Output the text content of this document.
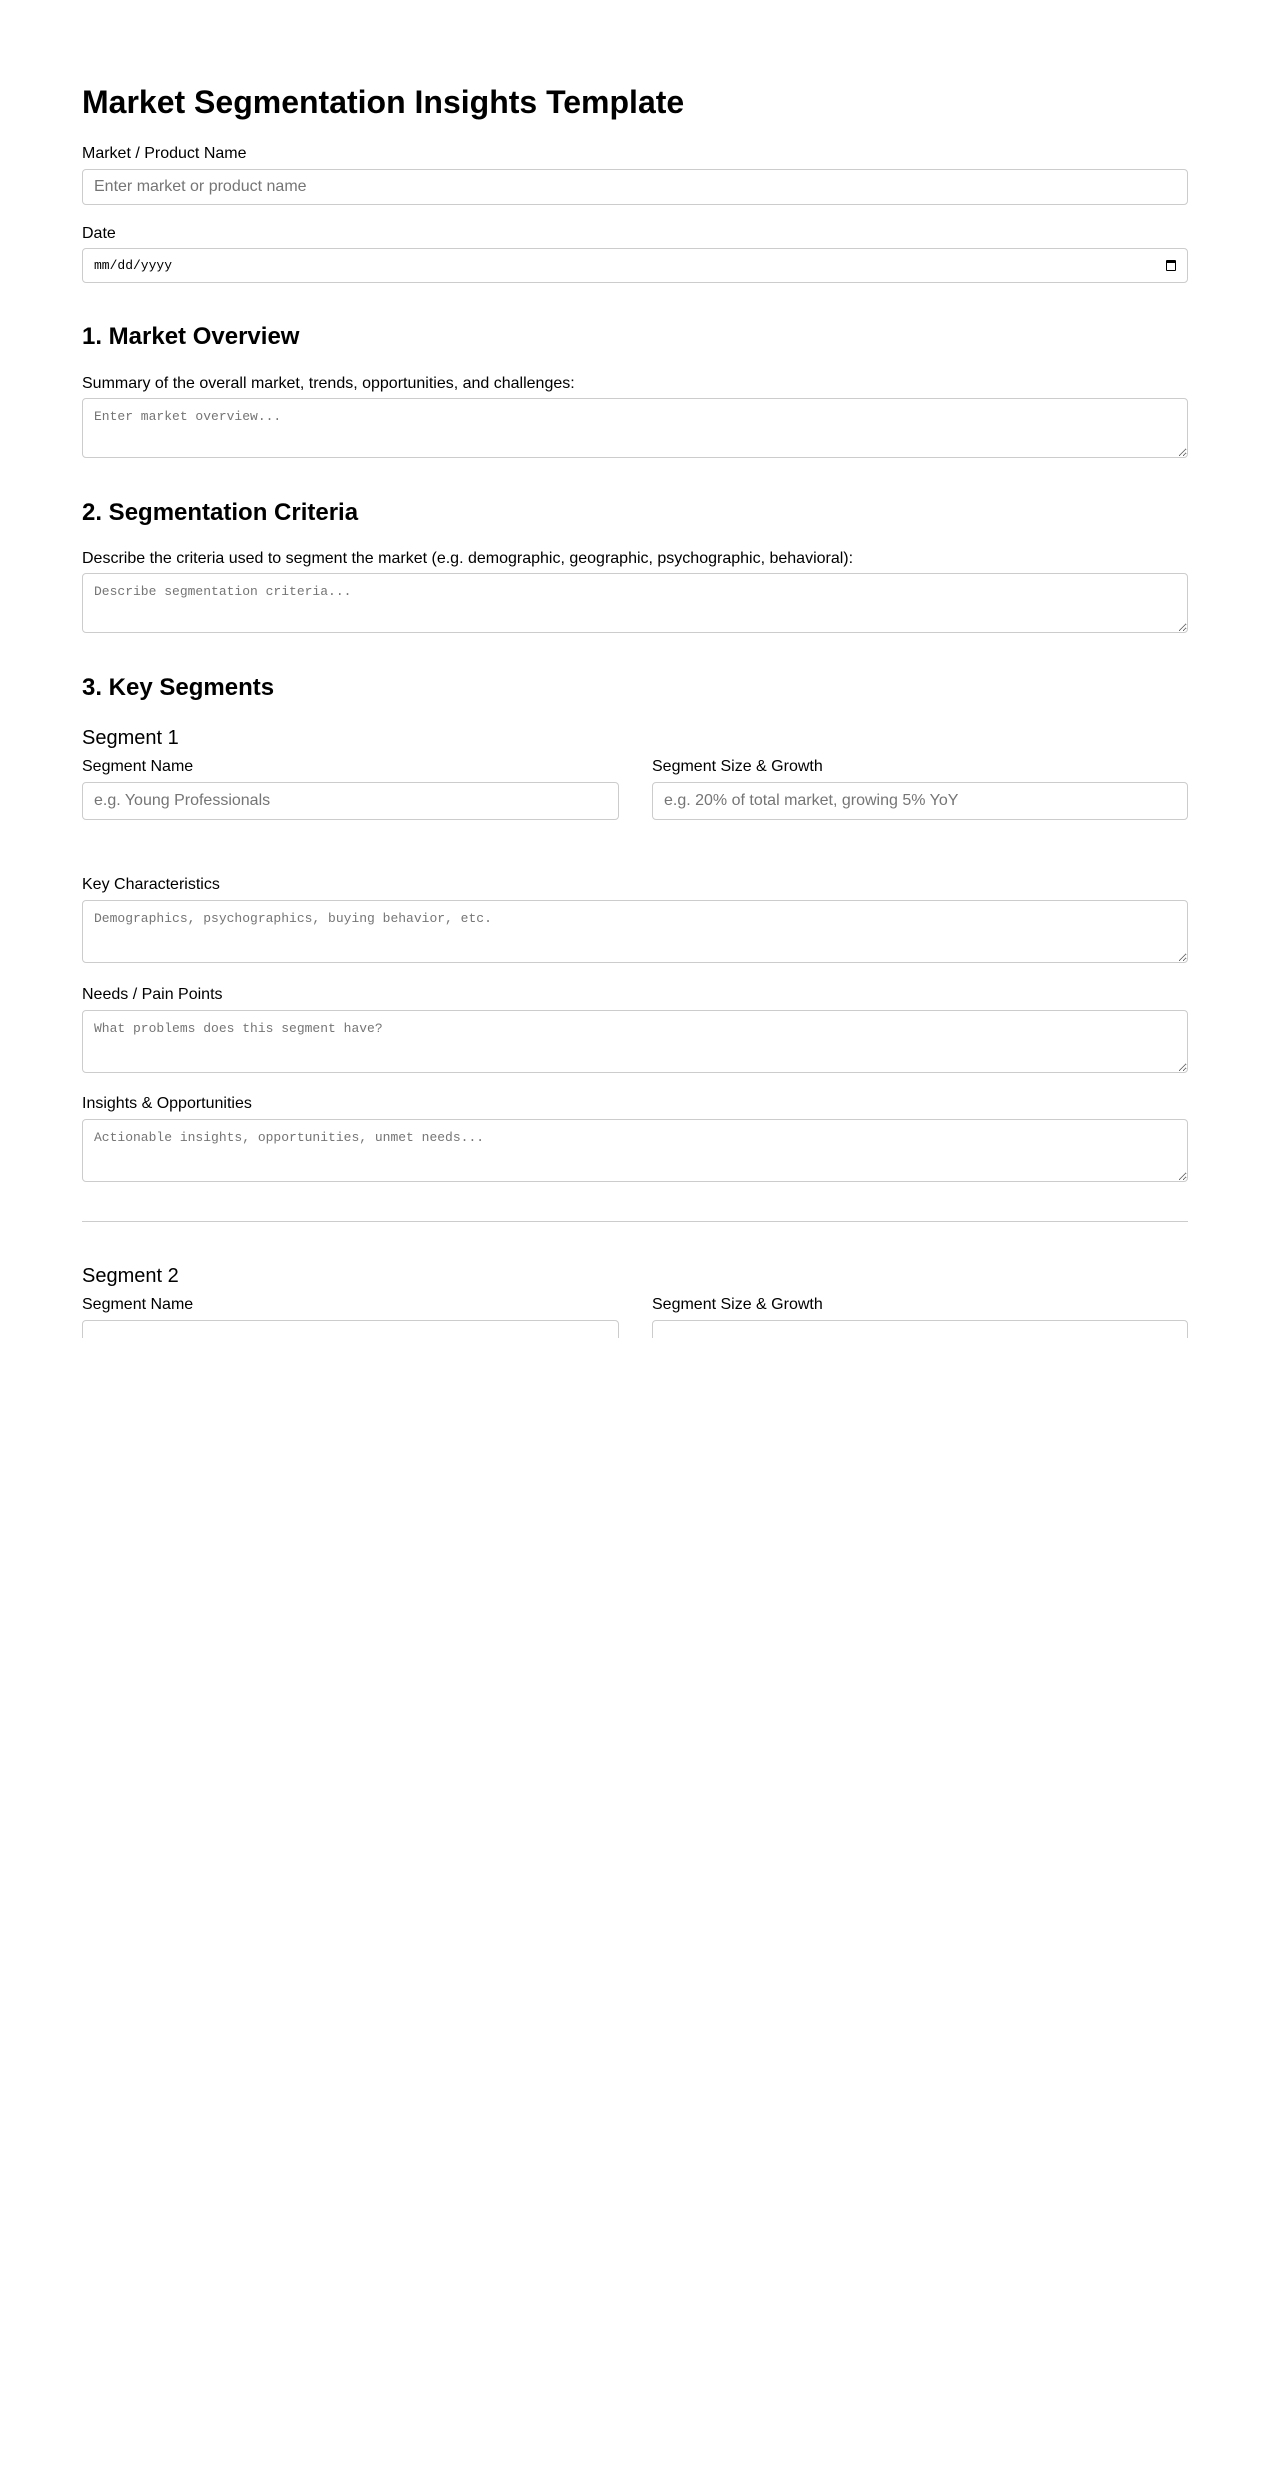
Market Segmentation Insights Template
Market / Product Name
Enter market or product name
Date
mm/dd/yyyy
1. Market Overview
Summary of the overall market, trends, opportunities, and challenges:
Enter market overview...
2. Segmentation Criteria
Describe the criteria used to segment the market (e.g. demographic, geographic, psychographic, behavioral):
Describe segmentation criteria...
3. Key Segments
Segment 1
Segment Name
e.g. Young Professionals	Segment Size & Growth
e.g. 20% of total market, growing 5% YoY
Key Characteristics
Demographics, psychographics, buying behavior, etc.
Needs / Pain Points
What problems does this segment have?
Insights & Opportunities
Actionable insights, opportunities, unmet needs...
Segment 2
Segment Name	Segment Size & Growth
